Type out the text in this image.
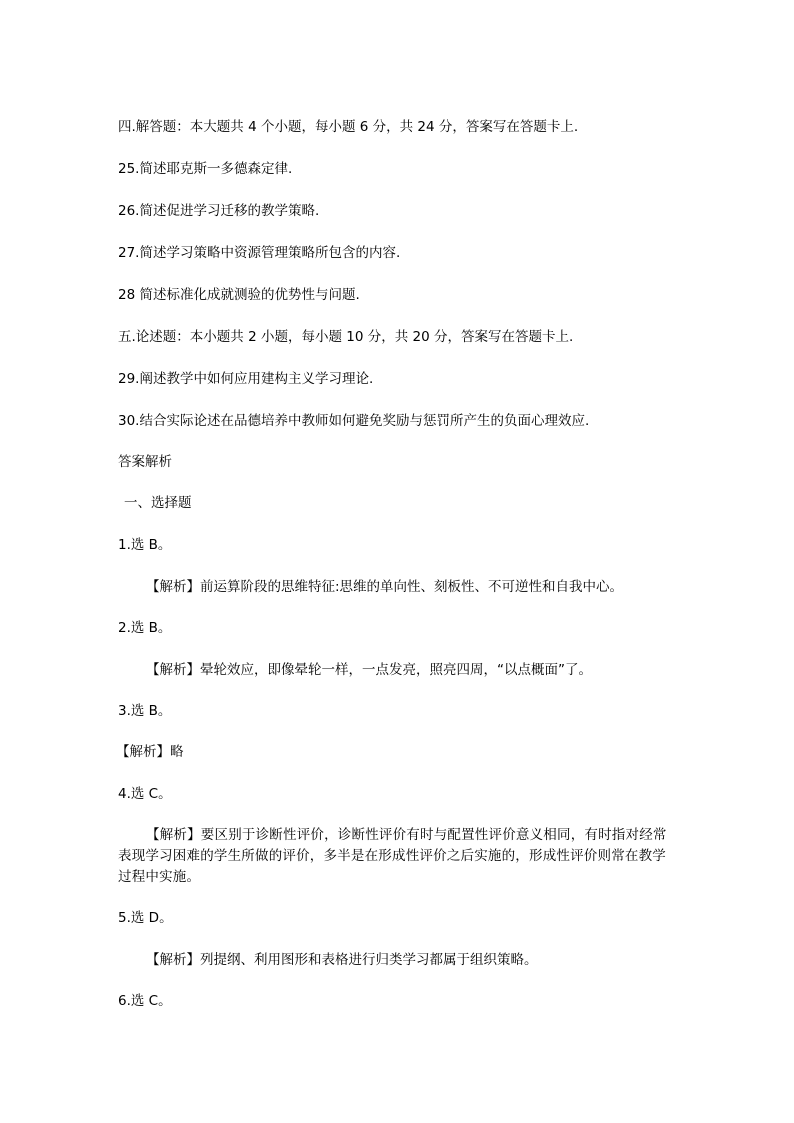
四.解答题：本大题共 4 个小题，每小题 6 分，共 24 分，答案写在答题卡上.

25.简述耶克斯一多德森定律.

26.简述促进学习迁移的教学策略.

27.简述学习策略中资源管理策略所包含的内容.

28 简述标准化成就测验的优势性与问题.

五.论述题：本小题共 2 小题，每小题 10 分，共 20 分，答案写在答题卡上.

29.阐述教学中如何应用建构主义学习理论.

30.结合实际论述在品德培养中教师如何避免奖励与惩罚所产生的负面心理效应.

答案解析

一、选择题

1.选 B。

【解析】前运算阶段的思维特征:思维的单向性、刻板性、不可逆性和自我中心。

2.选 B。

【解析】晕轮效应，即像晕轮一样，一点发亮，照亮四周，“以点概面”了。

3.选 B。

【解析】略

4.选 C。

【解析】要区别于诊断性评价，诊断性评价有时与配置性评价意义相同，有时指对经常表现学习困难的学生所做的评价，多半是在形成性评价之后实施的，形成性评价则常在教学过程中实施。

5.选 D。

【解析】列提纲、利用图形和表格进行归类学习都属于组织策略。

6.选 C。
